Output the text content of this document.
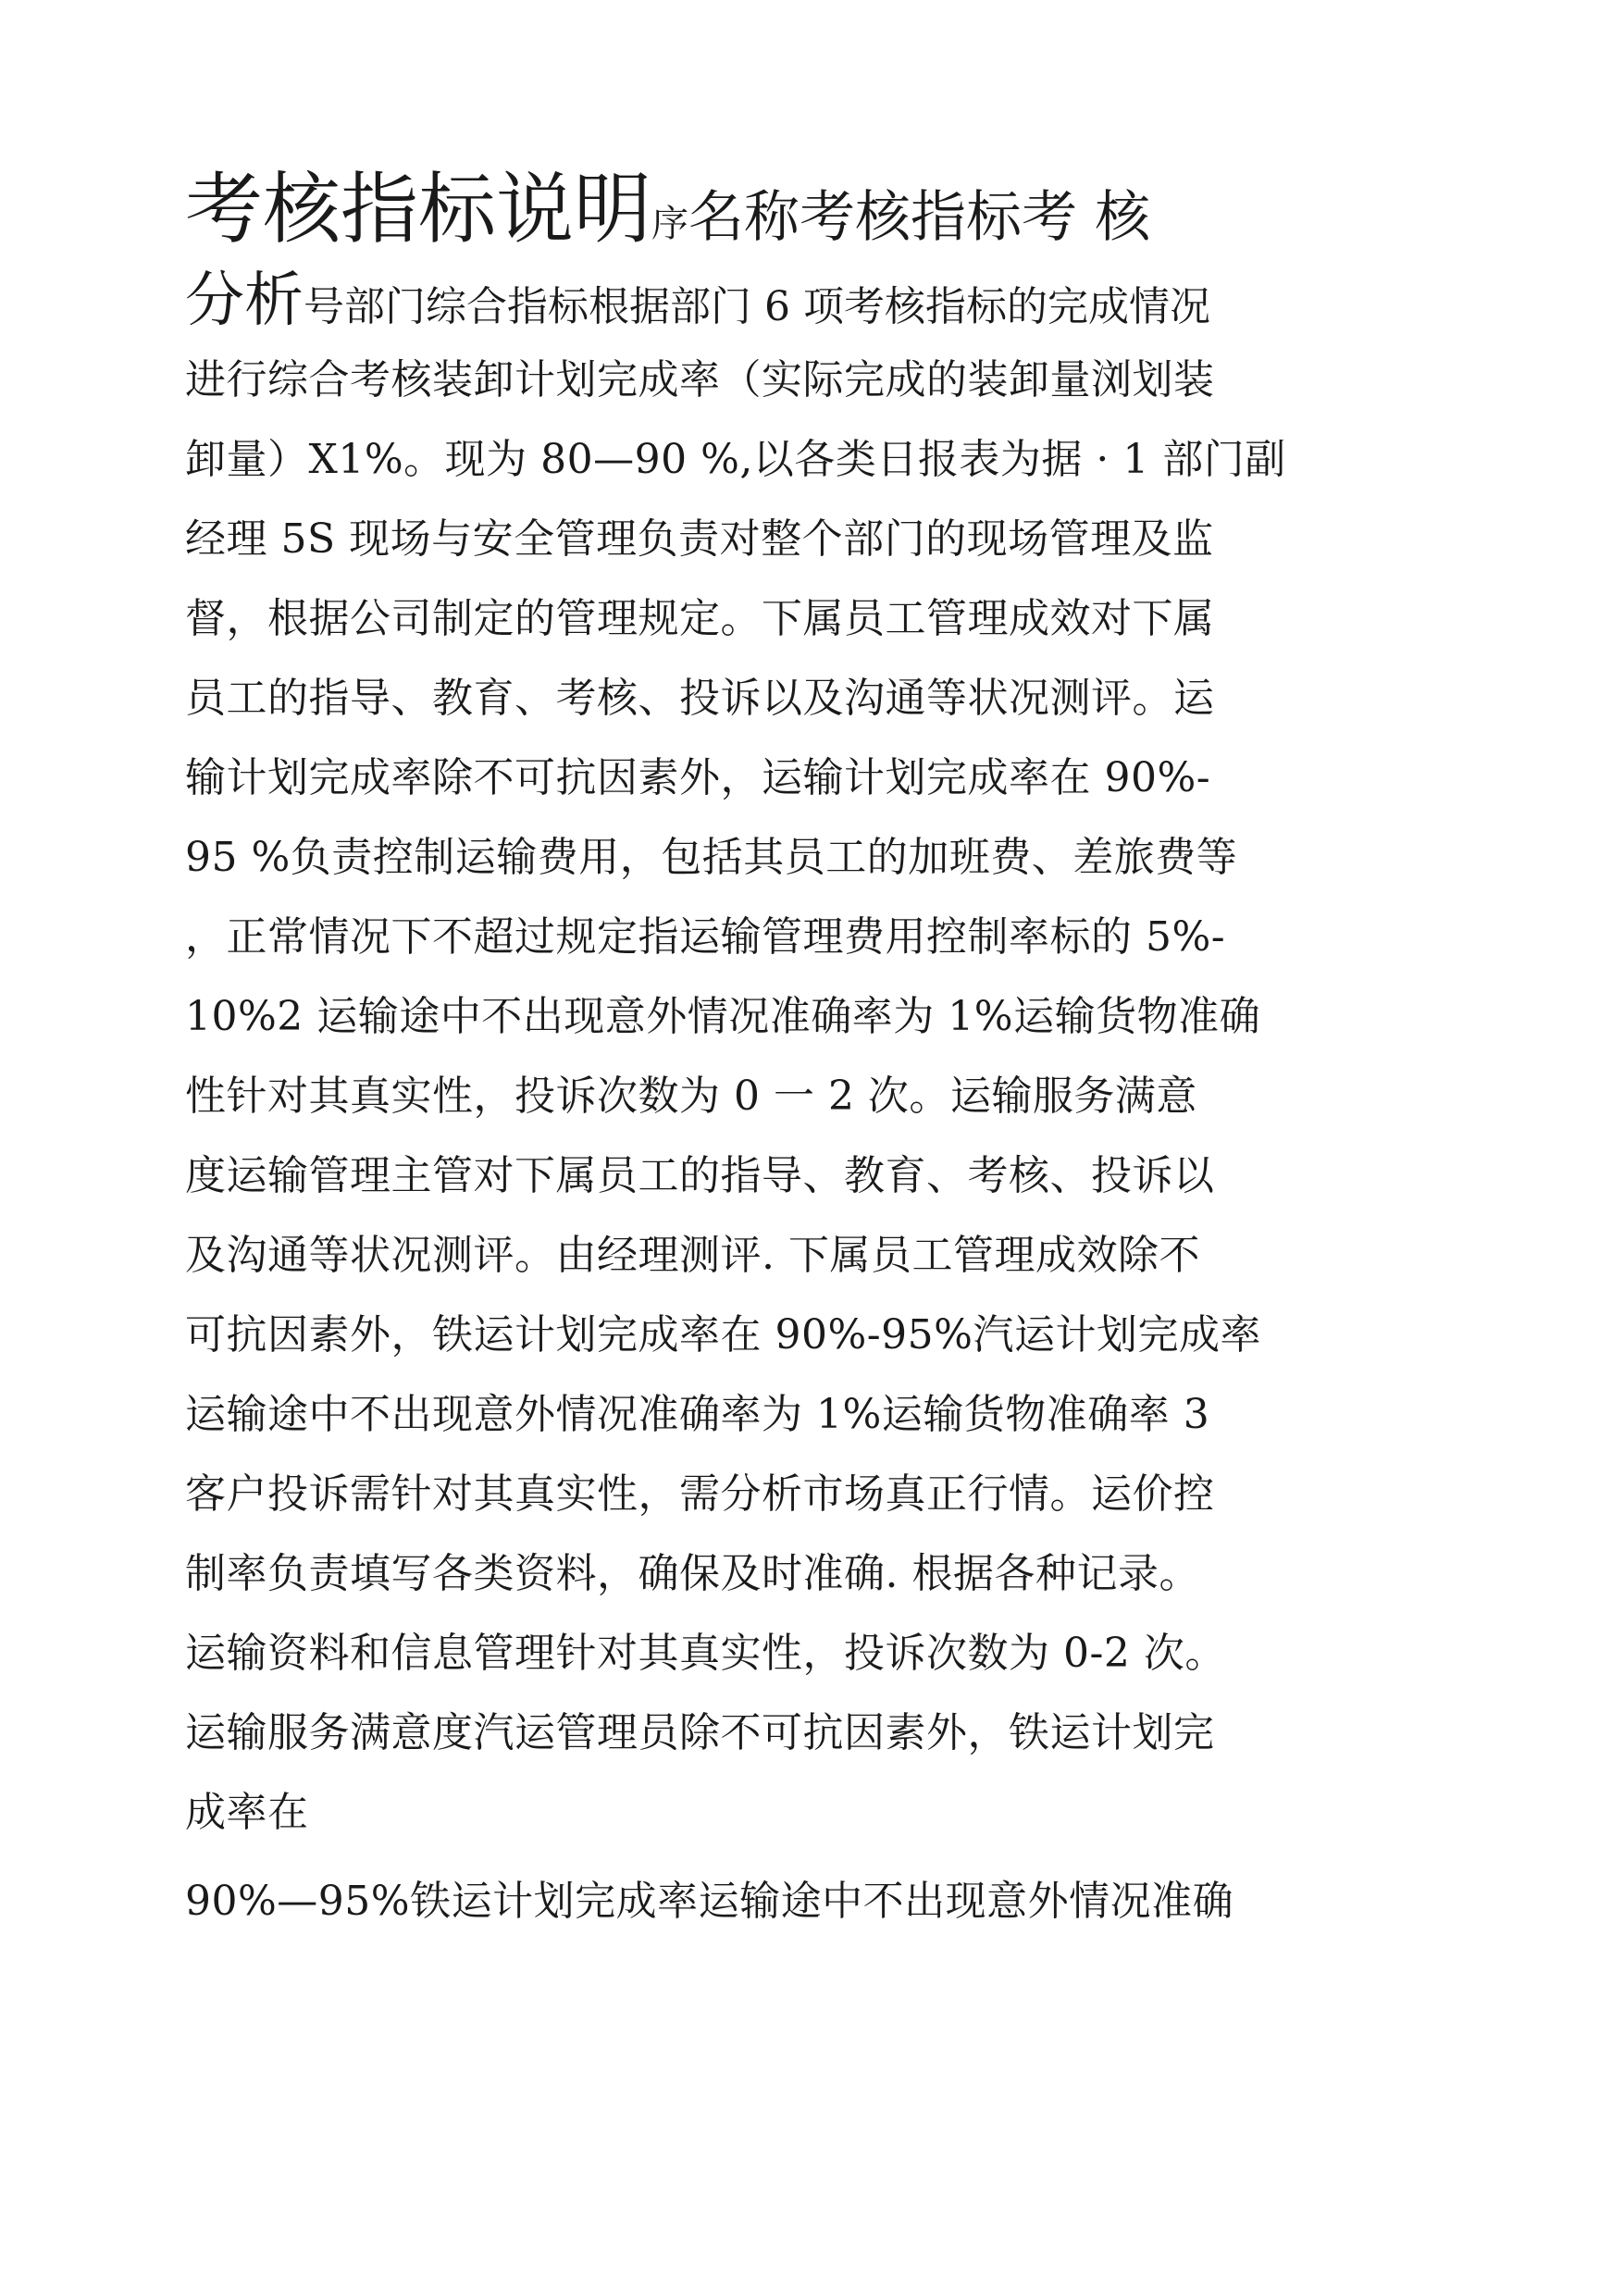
考核指标说明序名称考核指标考 核
分析号部门综合指标根据部门 6 项考核指标的完成情况
进行综合考核装卸计划完成率（实际完成的装卸量浏划装
卸量）X1%。现为 80—90 %,以各类日报表为据 · 1 部门副
经理 5S 现场与安全管理负责对整个部门的现场管理及监
督，根据公司制定的管理规定。下属员工管理成效对下属
员工的指导、教育、考核、投诉以及沟通等状况测评。运
输计划完成率除不可抗因素外，运输计划完成率在 90%-
95 %负责控制运输费用，包括其员工的加班费、差旅费等
，正常情况下不超过规定指运输管理费用控制率标的 5%-
10%2 运输途中不出现意外情况准确率为 1%运输货物准确
性针对其真实性，投诉次数为 0 一 2 次。运输服务满意
度运输管理主管对下属员工的指导、教育、考核、投诉以
及沟通等状况测评。由经理测评. 下属员工管理成效除不
可抗因素外，铁运计划完成率在 90%-95%汽运计划完成率
运输途中不出现意外情况准确率为 1%运输货物准确率 3
客户投诉需针对其真实性，需分析市场真正行情。运价控
制率负责填写各类资料，确保及时准确. 根据各种记录。
运输资料和信息管理针对其真实性，投诉次数为 0-2 次。
运输服务满意度汽运管理员除不可抗因素外，铁运计划完
成率在
90%—95%铁运计划完成率运输途中不出现意外情况准确
